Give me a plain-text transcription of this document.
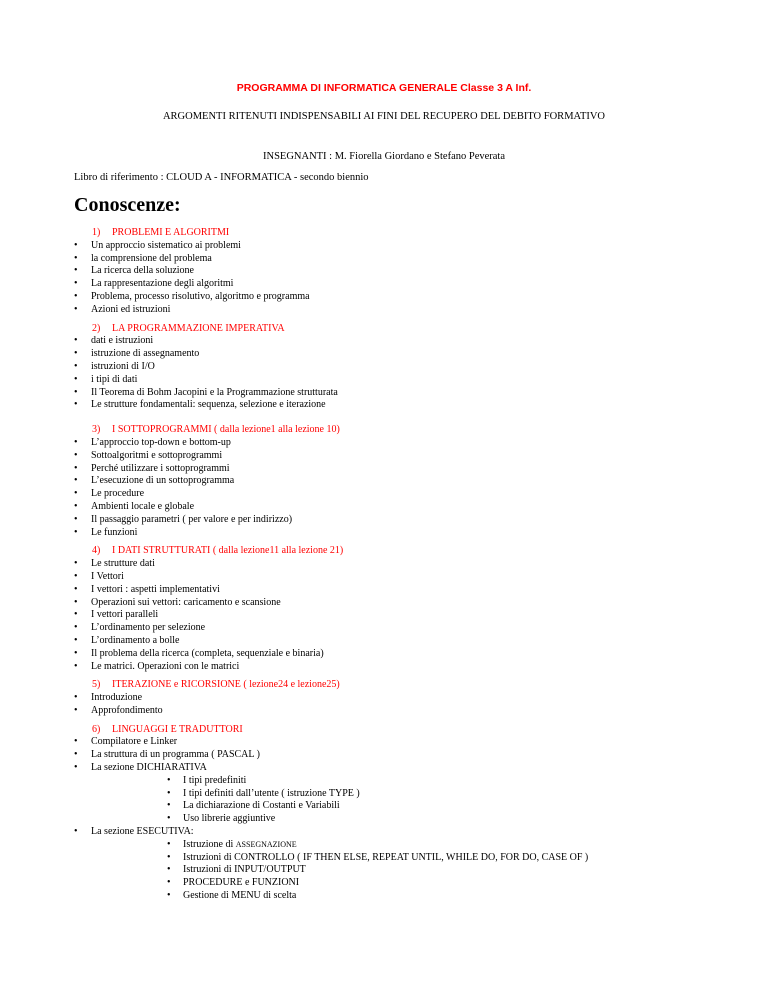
PROGRAMMA DI INFORMATICA GENERALE Classe 3 A Inf.
ARGOMENTI RITENUTI INDISPENSABILI AI FINI DEL RECUPERO DEL DEBITO FORMATIVO
INSEGNANTI : M. Fiorella Giordano e Stefano Peverata
Libro di riferimento : CLOUD A - INFORMATICA - secondo biennio
Conoscenze:
1) PROBLEMI E ALGORITMI
• Un approccio sistematico ai problemi
• la comprensione del problema
• La ricerca della soluzione
• La rappresentazione degli algoritmi
• Problema, processo risolutivo, algoritmo e programma
• Azioni ed istruzioni
2) LA PROGRAMMAZIONE IMPERATIVA
• dati e istruzioni
• istruzione di assegnamento
• istruzioni di I/O
• i tipi di dati
• Il Teorema di Bohm Jacopini e la Programmazione strutturata
• Le strutture fondamentali: sequenza, selezione e iterazione
3) I SOTTOPROGRAMMI ( dalla lezione1 alla lezione 10)
• L’approccio top-down e bottom-up
• Sottoalgoritmi e sottoprogrammi
• Perché utilizzare i sottoprogrammi
• L’esecuzione di un sottoprogramma
• Le procedure
• Ambienti locale e globale
• Il passaggio parametri ( per valore e per indirizzo)
• Le funzioni
4) I DATI STRUTTURATI ( dalla lezione11 alla lezione 21)
• Le strutture dati
• I Vettori
• I vettori : aspetti implementativi
• Operazioni sui vettori: caricamento e scansione
• I vettori paralleli
• L’ordinamento per selezione
• L’ordinamento a bolle
• Il problema della ricerca (completa, sequenziale e binaria)
• Le matrici. Operazioni con le matrici
5) ITERAZIONE e RICORSIONE ( lezione24 e lezione25)
• Introduzione
• Approfondimento
6) LINGUAGGI E TRADUTTORI
• Compilatore e Linker
• La struttura di un programma ( PASCAL )
• La sezione DICHIARATIVA
• I tipi predefiniti
• I tipi definiti dall’utente ( istruzione TYPE )
• La dichiarazione di Costanti e Variabili
• Uso librerie aggiuntive
• La sezione ESECUTIVA:
• Istruzione di ASSEGNAZIONE
• Istruzioni di CONTROLLO ( IF THEN ELSE, REPEAT UNTIL, WHILE DO, FOR DO, CASE OF )
• Istruzioni di INPUT/OUTPUT
• PROCEDURE e FUNZIONI
• Gestione di MENU di scelta
